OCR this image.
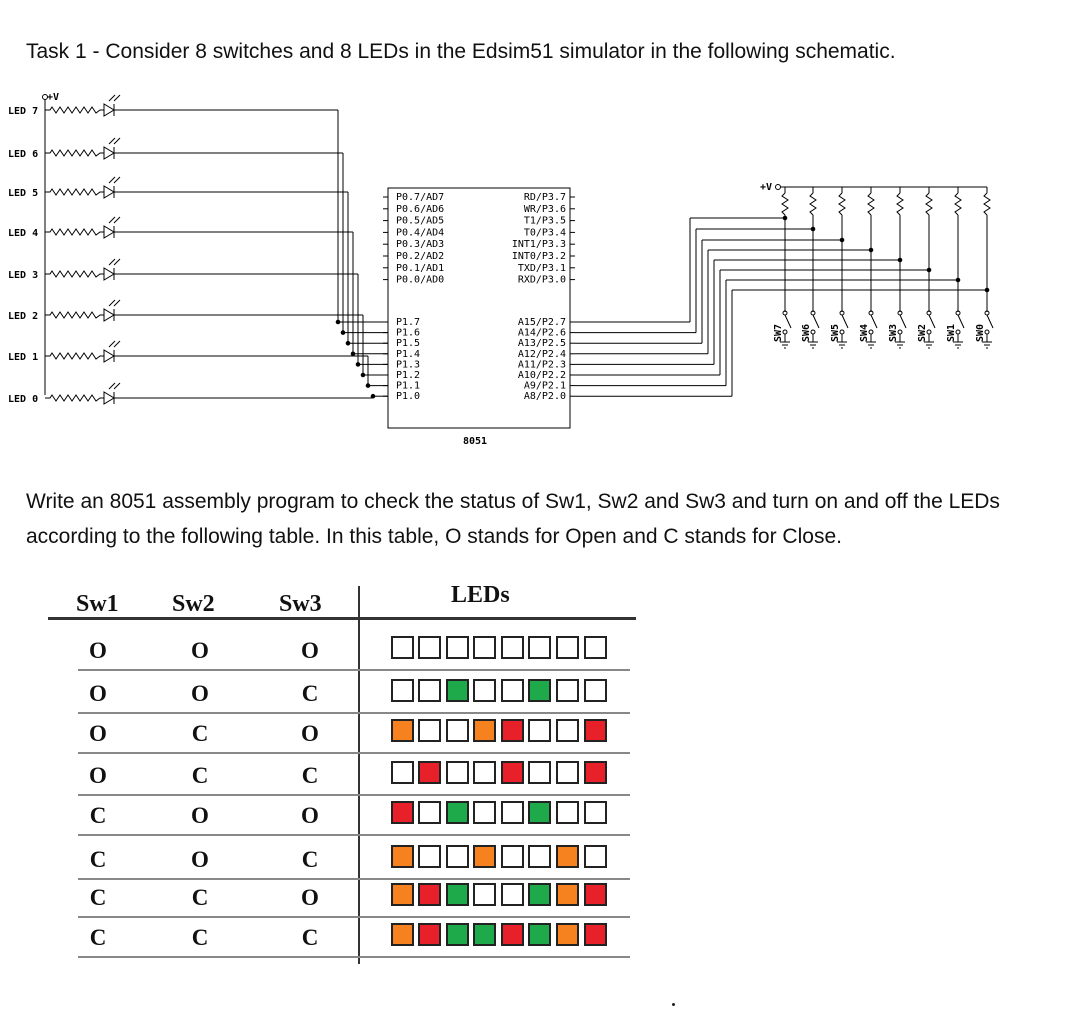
Task 1 - Consider 8 switches and 8 LEDs in the Edsim51 simulator in the following schematic.
+V
LED 7
LED 6
LED 5
LED 4
LED 3
LED 2
LED 1
LED 0
P0.7/AD7	RD/P3.7
P1.7	A15/P2.7
P0.6/AD6	WR/P3.6
P1.6	A14/P2.6
P0.5/AD5	T1/P3.5
P1.5	A13/P2.5
P0.4/AD4	T0/P3.4
P1.4	A12/P2.4
P0.3/AD3	INT1/P3.3
P1.3	A11/P2.3
P0.2/AD2	INT0/P3.2
P1.2	A10/P2.2
P0.1/AD1	TXD/P3.1
P1.1	A9/P2.1
P0.0/AD0	RXD/P3.0
P1.0	A8/P2.0
8051
+V
SW7 SW6 SW5 SW4 SW3 SW2 SW1 SW0
Write an 8051 assembly program to check the status of Sw1, Sw2 and Sw3 and turn on and off the LEDs
according to the following table. In this table, O stands for Open and C stands for Close.
Sw1 Sw2	Sw3	LEDs
O	O	O
O	O	C
O	C	O
O	C	C
C	O	O
C	O	C
C	C	O
C	C	C
